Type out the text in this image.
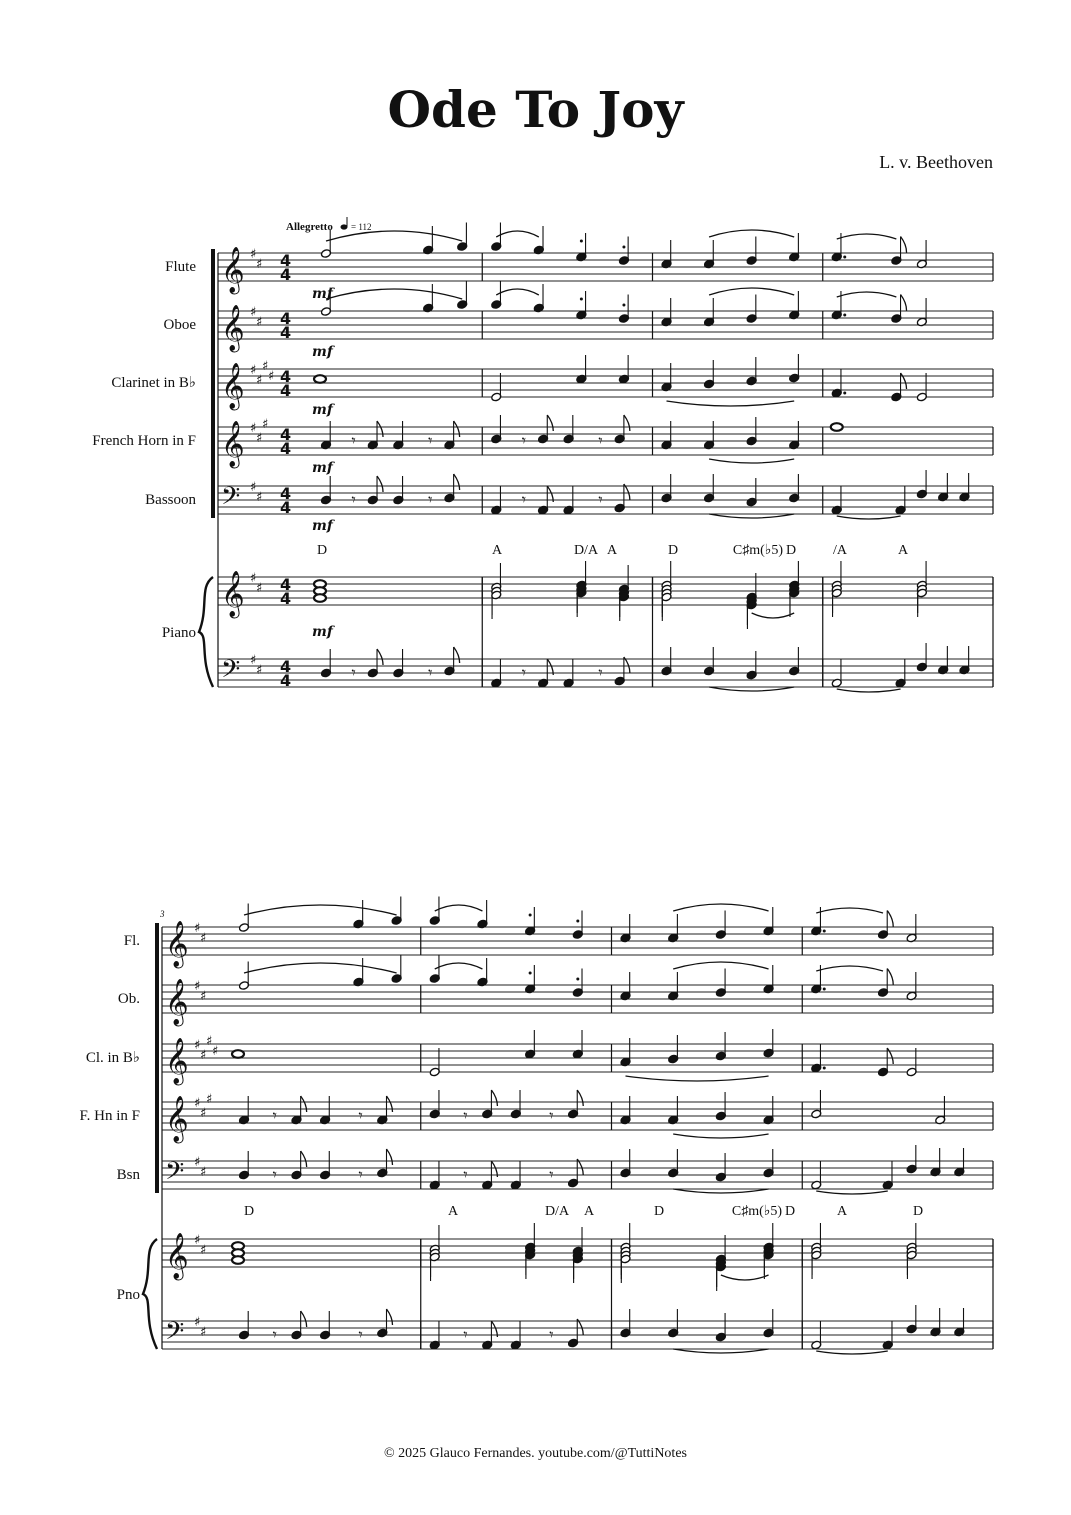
Ode To Joy
L. v. Beethoven
© 2025 Glauco Fernandes. youtube.com/@TuttiNotes
𝄞 ♯
♯ 4
4
𝄞 ♯
♯ 4
4
𝄞 ♯
♯
♯
♯ 4
4
𝄞 ♯
♯
♯
4
4	𝄾	𝄾	𝄾	𝄾
𝄢 ♯
♯ 4
4	𝄾	𝄾	𝄾	𝄾
𝄞 ♯
♯ 4
4
𝄢 ♯
♯ 4
4	𝄾	𝄾	𝄾	𝄾
Flute
Oboe
Clarinet in B♭
French Horn in F
Bassoon
Piano
D	A	D/A A	D	C♯m(♭5) D	/A	A
Allegretto = 112
mf
mf
mf
mf
mf
mf
𝄞 ♯
♯
𝄞 ♯
♯
𝄞 ♯
♯
♯
♯
𝄞 ♯
♯
♯
𝄾	𝄾	𝄾	𝄾
𝄢 ♯
♯	𝄾	𝄾	𝄾	𝄾
𝄞 ♯
♯
𝄢 ♯
♯	𝄾	𝄾	𝄾	𝄾
Fl.
Ob.
Cl. in B♭
F. Hn in F
Bsn
Pno
D	A	D/A A	D	C♯m(♭5) D	A	D
3
